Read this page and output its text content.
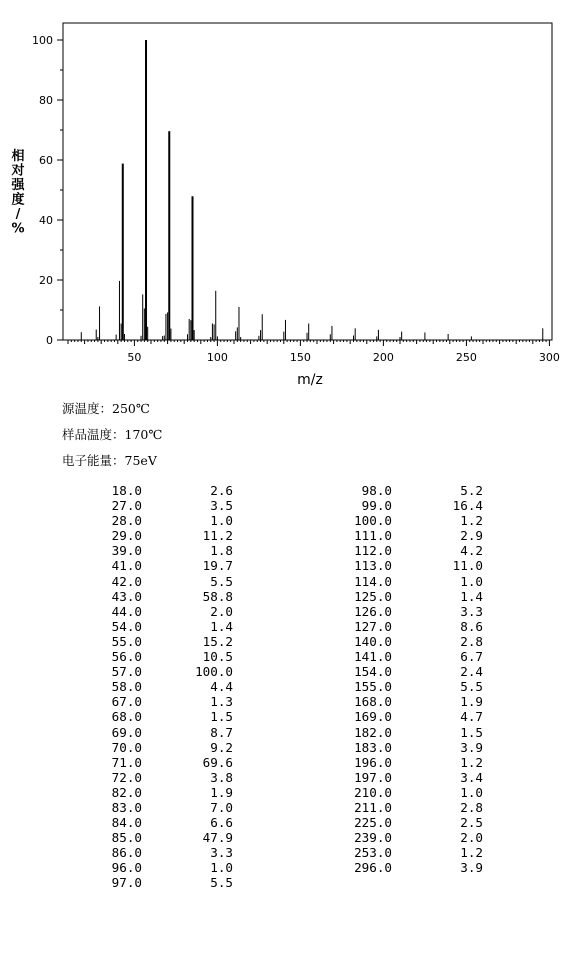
0
20
40
60
80
100
50	100	150	200	250	300
m/z
相
对
强
度
/
%
源温度：250℃
样品温度：170℃
电子能量：75eV
18.0	2.6
27.0	3.5
28.0	1.0
29.0	11.2
39.0	1.8
41.0	19.7
42.0	5.5
43.0	58.8
44.0	2.0
54.0	1.4
55.0	15.2
56.0	10.5
57.0	100.0
58.0	4.4
67.0	1.3
68.0	1.5
69.0	8.7
70.0	9.2
71.0	69.6
72.0	3.8
82.0	1.9
83.0	7.0
84.0	6.6
85.0	47.9
86.0	3.3
96.0	1.0
97.0	5.5
98.0	5.2
99.0	16.4
100.0	1.2
111.0	2.9
112.0	4.2
113.0	11.0
114.0	1.0
125.0	1.4
126.0	3.3
127.0	8.6
140.0	2.8
141.0	6.7
154.0	2.4
155.0	5.5
168.0	1.9
169.0	4.7
182.0	1.5
183.0	3.9
196.0	1.2
197.0	3.4
210.0	1.0
211.0	2.8
225.0	2.5
239.0	2.0
253.0	1.2
296.0	3.9
